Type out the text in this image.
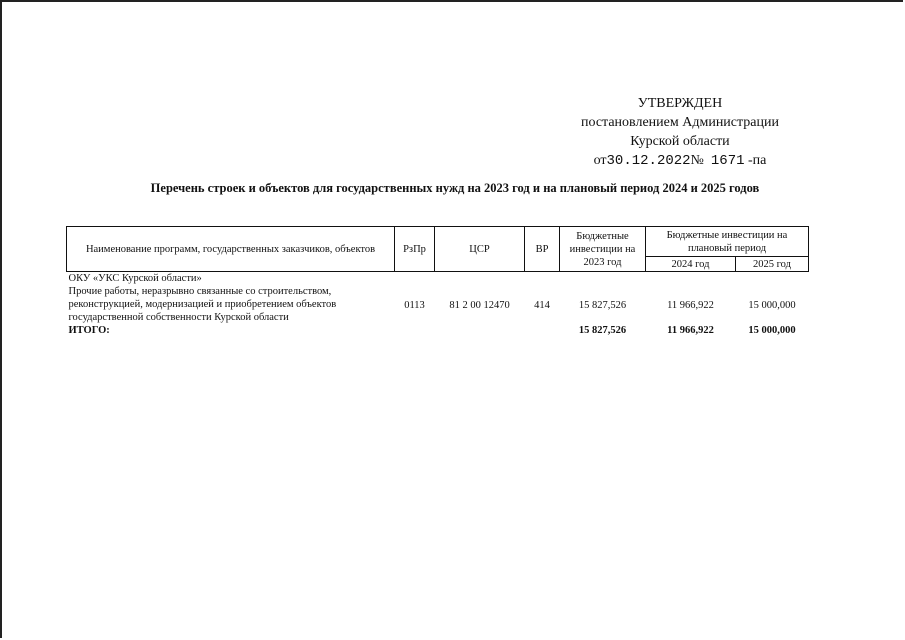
УТВЕРЖДЕН
постановлением Администрации
Курской области
от30.12.2022№ 1671 -па
Перечень строек и объектов для государственных нужд на 2023 год и на плановый период 2024 и 2025 годов
Наименование программ, государственных заказчиков, объектов	РзПр	ЦСР	ВР	Бюджетные инвестиции на 2023 год	Бюджетные инвестиции на плановый период	
					2024 год	2025 год
ОКУ «УКС Курской области»						
Прочие работы, неразрывно связанные со строительством, реконструкцией, модернизацией и приобретением объектов государственной собственности Курской области	0113	81 2 00 12470	414	15 827,526	11 966,922	15 000,000
ИТОГО:				15 827,526	11 966,922	15 000,000
